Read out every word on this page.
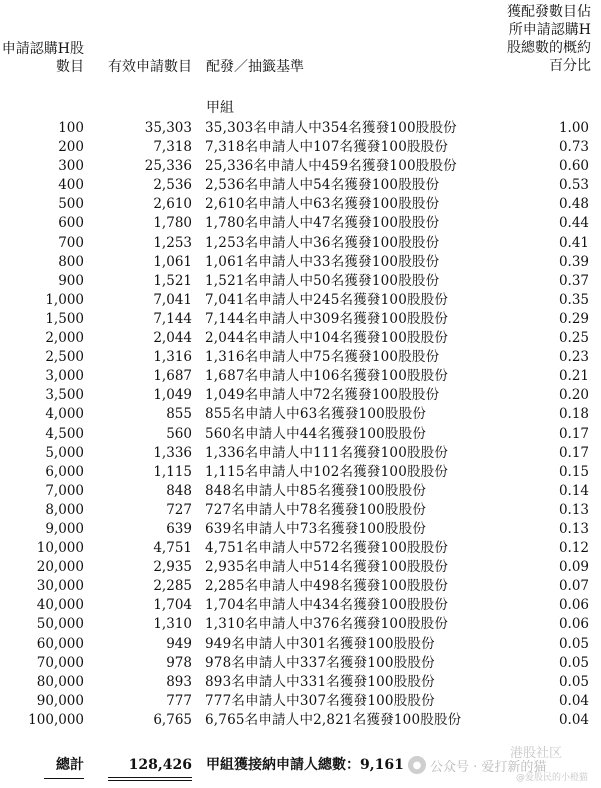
申請認購H股
數目	有效申請數目 配發／抽籤基準
獲配發數目佔
所申請認購H
股總數的概約
百分比
甲組
100	35,303 35,303名申請人中354名獲發100股股份	1.00
200	7,318 7,318名申請人中107名獲發100股股份	0.73
300	25,336 25,336名申請人中459名獲發100股股份	0.60
400	2,536 2,536名申請人中54名獲發100股股份	0.53
500	2,610 2,610名申請人中63名獲發100股股份	0.48
600	1,780 1,780名申請人中47名獲發100股股份	0.44
700	1,253 1,253名申請人中36名獲發100股股份	0.41
800	1,061 1,061名申請人中33名獲發100股股份	0.39
900	1,521 1,521名申請人中50名獲發100股股份	0.37
1,000	7,041 7,041名申請人中245名獲發100股股份	0.35
1,500	7,144 7,144名申請人中309名獲發100股股份	0.29
2,000	2,044 2,044名申請人中104名獲發100股股份	0.25
2,500	1,316 1,316名申請人中75名獲發100股股份	0.23
3,000	1,687 1,687名申請人中106名獲發100股股份	0.21
3,500	1,049 1,049名申請人中72名獲發100股股份	0.20
4,000	855 855名申請人中63名獲發100股股份	0.18
4,500	560 560名申請人中44名獲發100股股份	0.17
5,000	1,336 1,336名申請人中111名獲發100股股份	0.17
6,000	1,115 1,115名申請人中102名獲發100股股份	0.15
7,000	848 848名申請人中85名獲發100股股份	0.14
8,000	727 727名申請人中78名獲發100股股份	0.13
9,000	639 639名申請人中73名獲發100股股份	0.13
10,000	4,751 4,751名申請人中572名獲發100股股份	0.12
20,000	2,935 2,935名申請人中514名獲發100股股份	0.09
30,000	2,285 2,285名申請人中498名獲發100股股份	0.07
40,000	1,704 1,704名申請人中434名獲發100股股份	0.06
50,000	1,310 1,310名申請人中376名獲發100股股份	0.06
60,000	949 949名申請人中301名獲發100股股份	0.05
70,000	978 978名申請人中337名獲發100股股份	0.05
80,000	893 893名申請人中331名獲發100股股份	0.05
90,000	777 777名申請人中307名獲發100股股份	0.04
100,000	6,765 6,765名申請人中2,821名獲發100股股份	0.04
總計	128,426 甲組獲接納申請人總數：9,161 ● 公众号 · 爱打新的猫
港股社区
@爱股民的小橙猫
